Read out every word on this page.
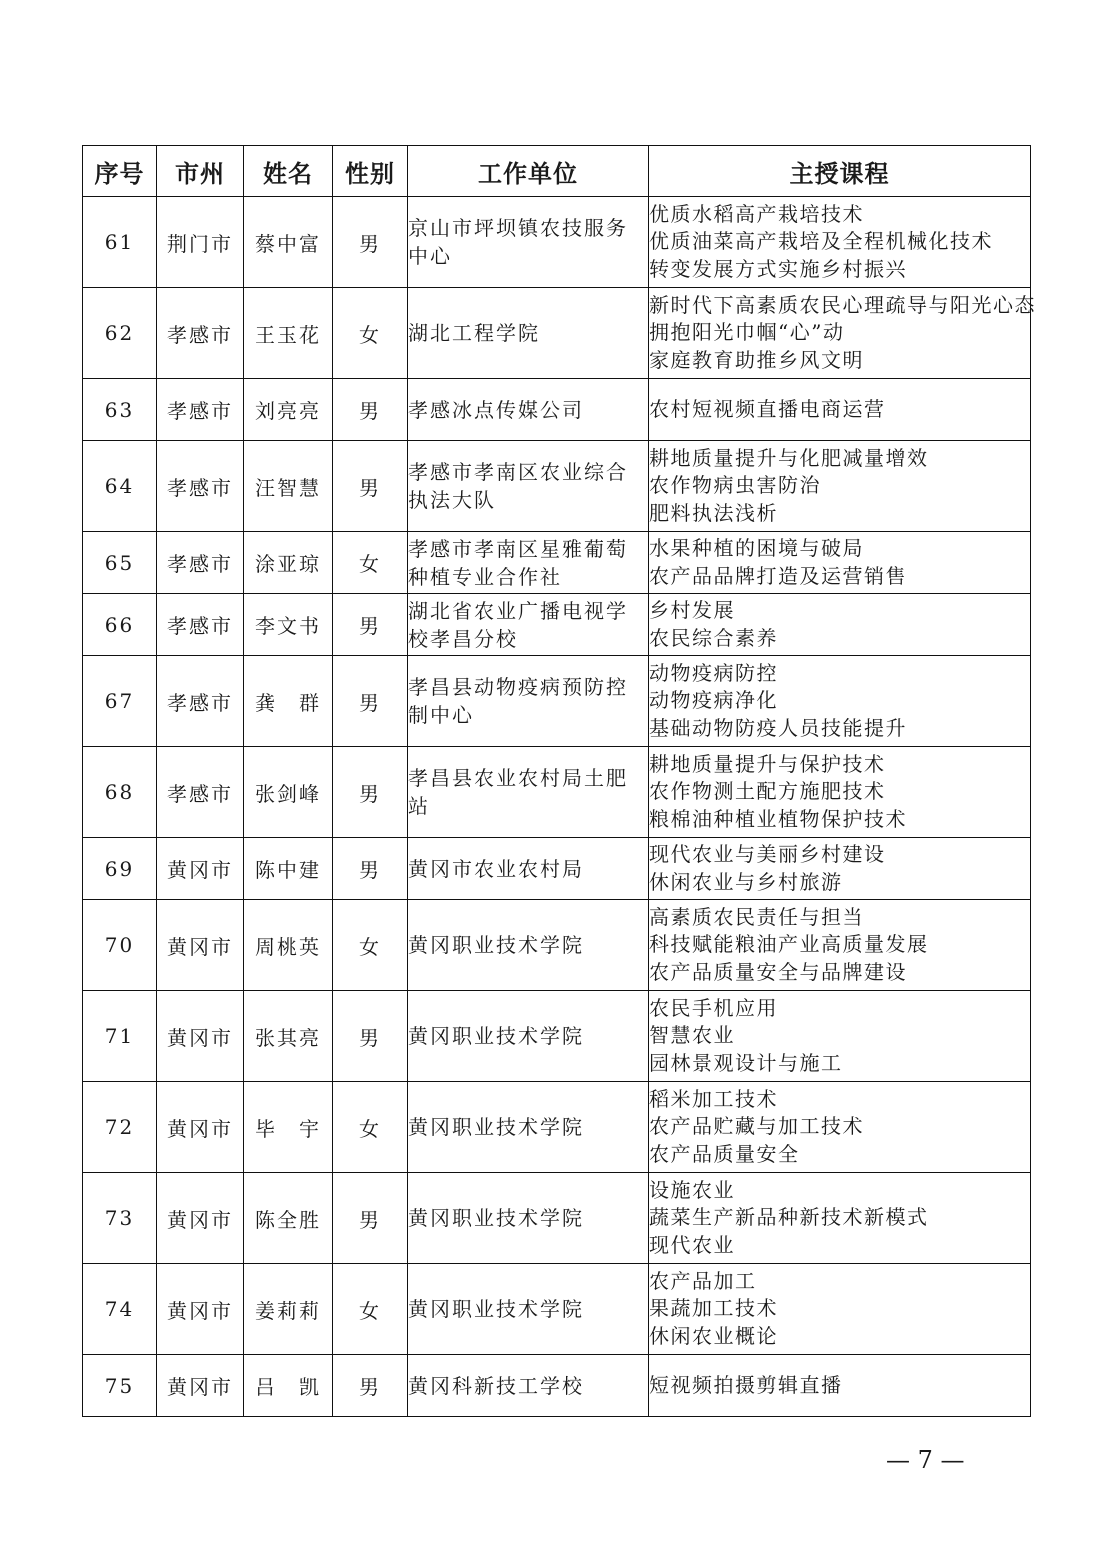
序号	市州	姓名	性别	工作单位	主授课程
61	荆门市	蔡中富	男	京山市坪坝镇农技服务中心	优质水稻高产栽培技术
优质油菜高产栽培及全程机械化技术
转变发展方式实施乡村振兴

62	孝感市	王玉花	女	湖北工程学院	新时代下高素质农民心理疏导与阳光心态
拥抱阳光巾帼“心”动
家庭教育助推乡风文明

63	孝感市	刘亮亮	男	孝感冰点传媒公司	农村短视频直播电商运营

64	孝感市	汪智慧	男	孝感市孝南区农业综合执法大队	耕地质量提升与化肥减量增效
农作物病虫害防治
肥料执法浅析

65	孝感市	涂亚琼	女	孝感市孝南区星雅葡萄种植专业合作社	水果种植的困境与破局
农产品品牌打造及运营销售

66	孝感市	李文书	男	湖北省农业广播电视学校孝昌分校	乡村发展
农民综合素养

67	孝感市	龚　群	男	孝昌县动物疫病预防控制中心	动物疫病防控
动物疫病净化
基础动物防疫人员技能提升

68	孝感市	张剑峰	男	孝昌县农业农村局土肥站	耕地质量提升与保护技术
农作物测土配方施肥技术
粮棉油种植业植物保护技术

69	黄冈市	陈中建	男	黄冈市农业农村局	现代农业与美丽乡村建设
休闲农业与乡村旅游

70	黄冈市	周桃英	女	黄冈职业技术学院	高素质农民责任与担当
科技赋能粮油产业高质量发展
农产品质量安全与品牌建设

71	黄冈市	张其亮	男	黄冈职业技术学院	农民手机应用
智慧农业
园林景观设计与施工

72	黄冈市	毕　宇	女	黄冈职业技术学院	稻米加工技术
农产品贮藏与加工技术
农产品质量安全

73	黄冈市	陈全胜	男	黄冈职业技术学院	设施农业
蔬菜生产新品种新技术新模式
现代农业

74	黄冈市	姜莉莉	女	黄冈职业技术学院	农产品加工
果蔬加工技术
休闲农业概论

75	黄冈市	吕　凯	男	黄冈科新技工学校	短视频拍摄剪辑直播
— 7 —
